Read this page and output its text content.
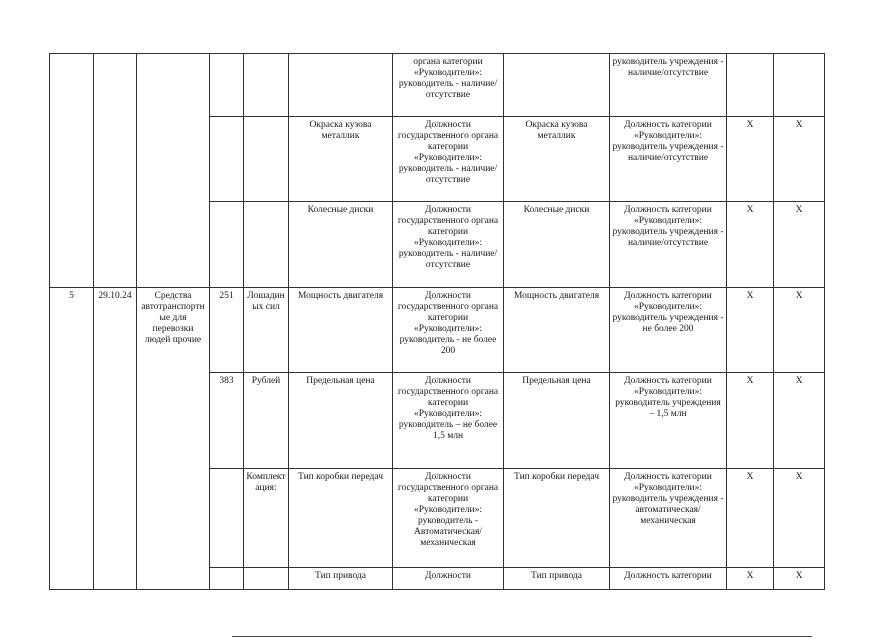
						органа категории «Руководители»: руководитель - наличие/отсутствие		руководитель учреждения - наличие/отсутствие		
					Окраска кузова металлик	Должности государственного органа категории «Руководители»: руководитель - наличие/отсутствие	Окраска кузова металлик	Должность категории «Руководители»: руководитель учреждения - наличие/отсутствие	Х	Х
					Колесные диски	Должности государственного органа категории «Руководители»: руководитель - наличие/отсутствие	Колесные диски	Должность категории «Руководители»: руководитель учреждения - наличие/отсутствие	Х	Х
5	29.10.24	Средства автотранспортные для перевозки людей прочие	251	Лошадиных сил	Мощность двигателя	Должности государственного органа категории «Руководители»: руководитель - не более 200	Мощность двигателя	Должность категории «Руководители»: руководитель учреждения - не более 200	Х	Х
			383	Рублей	Предельная цена	Должности государственного органа категории «Руководители»: руководитель – не более 1,5 млн	Предельная цена	Должность категории «Руководители»: руководитель учреждения – 1,5 млн	Х	Х
				Комплектация:	Тип коробки передач	Должности государственного органа категории «Руководители»: руководитель - Автоматическая/механическая	Тип коробки передач	Должность категории «Руководители»: руководитель учреждения - автоматическая/механическая	Х	Х
					Тип привода	Должности	Тип привода	Должность категории	Х	Х
